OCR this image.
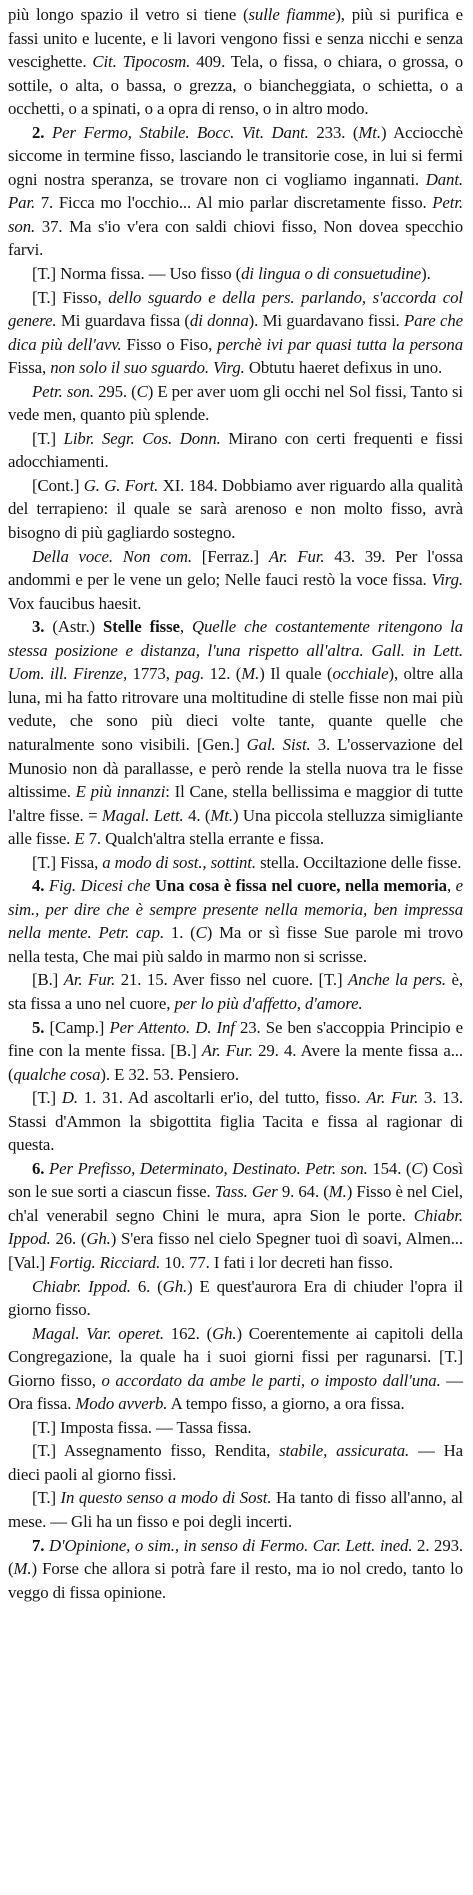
più longo spazio il vetro si tiene (sulle fiamme), più si purifica e fassi unito e lucente, e li lavori vengono fissi e senza nicchi e senza vescighette. Cit. Tipocosm. 409. Tela, o fissa, o chiara, o grossa, o sottile, o alta, o bassa, o grezza, o biancheggiata, o schietta, o a occhetti, o a spinati, o a opra di renso, o in altro modo.

2. Per Fermo, Stabile. Bocc. Vit. Dant. 233. (Mt.) Acciocchè siccome in termine fisso, lasciando le transitorie cose, in lui si fermi ogni nostra speranza, se trovare non ci vogliamo ingannati. Dant. Par. 7. Ficca mo l'occhio... Al mio parlar discretamente fisso. Petr. son. 37. Ma s'io v'era con saldi chiovi fisso, Non dovea specchio farvi.

[T.] Norma fissa. — Uso fisso (di lingua o di consuetudine).

[T.] Fisso, dello sguardo e della pers. parlando, s'accorda col genere. Mi guardava fissa (di donna). Mi guardavano fissi. Pare che dica più dell'avv. Fisso o Fiso, perchè ivi par quasi tutta la persona Fissa, non solo il suo sguardo. Virg. Obtutu haeret defixus in uno.

Petr. son. 295. (C) E per aver uom gli occhi nel Sol fissi, Tanto si vede men, quanto più splende.

[T.] Libr. Segr. Cos. Donn. Mirano con certi frequenti e fissi adocchiamenti.

[Cont.] G. G. Fort. XI. 184. Dobbiamo aver riguardo alla qualità del terrapieno: il quale se sarà arenoso e non molto fisso, avrà bisogno di più gagliardo sostegno.

Della voce. Non com. [Ferraz.] Ar. Fur. 43. 39. Per l'ossa andommi e per le vene un gelo; Nelle fauci restò la voce fissa. Virg. Vox faucibus haesit.

3. (Astr.) Stelle fisse, Quelle che costantemente ritengono la stessa posizione e distanza, l'una rispetto all'altra. Gall. in Lett. Uom. ill. Firenze, 1773, pag. 12. (M.) Il quale (occhiale), oltre alla luna, mi ha fatto ritrovare una moltitudine di stelle fisse non mai più vedute, che sono più dieci volte tante, quante quelle che naturalmente sono visibili. [Gen.] Gal. Sist. 3. L'osservazione del Munosio non dà parallasse, e però rende la stella nuova tra le fisse altissime. E più innanzi: Il Cane, stella bellissima e maggior di tutte l'altre fisse. = Magal. Lett. 4. (Mt.) Una piccola stelluzza simigliante alle fisse. E 7. Qualch'altra stella errante e fissa.

[T.] Fissa, a modo di sost., sottint. stella. Occiltazione delle fisse.

4. Fig. Dicesi che Una cosa è fissa nel cuore, nella memoria, e sim., per dire che è sempre presente nella memoria, ben impressa nella mente. Petr. cap. 1. (C) Ma or sì fisse Sue parole mi trovo nella testa, Che mai più saldo in marmo non si scrisse.

[B.] Ar. Fur. 21. 15. Aver fisso nel cuore. [T.] Anche la pers. è, sta fissa a uno nel cuore, per lo più d'affetto, d'amore.

5. [Camp.] Per Attento. D. Inf 23. Se ben s'accoppia Principio e fine con la mente fissa. [B.] Ar. Fur. 29. 4. Avere la mente fissa a... (qualche cosa). E 32. 53. Pensiero.

[T.] D. 1. 31. Ad ascoltarli er'io, del tutto, fisso. Ar. Fur. 3. 13. Stassi d'Ammon la sbigottita figlia Tacita e fissa al ragionar di questa.

6. Per Prefisso, Determinato, Destinato. Petr. son. 154. (C) Così son le sue sorti a ciascun fisse. Tass. Ger 9. 64. (M.) Fisso è nel Ciel, ch'al venerabil segno Chini le mura, apra Sion le porte. Chiabr. Ippod. 26. (Gh.) S'era fisso nel cielo Spegner tuoi dì soavi, Almen... [Val.] Fortig. Ricciard. 10. 77. I fati i lor decreti han fisso.

Chiabr. Ippod. 6. (Gh.) E quest'aurora Era di chiuder l'opra il giorno fisso.

Magal. Var. operet. 162. (Gh.) Coerentemente ai capitoli della Congregazione, la quale ha i suoi giorni fissi per ragunarsi. [T.] Giorno fisso, o accordato da ambe le parti, o imposto dall'una. — Ora fissa. Modo avverb. A tempo fisso, a giorno, a ora fissa.

[T.] Imposta fissa. — Tassa fissa.

[T.] Assegnamento fisso, Rendita, stabile, assicurata. — Ha dieci paoli al giorno fissi.

[T.] In questo senso a modo di Sost. Ha tanto di fisso all'anno, al mese. — Gli ha un fisso e poi degli incerti.

7. D'Opinione, o sim., in senso di Fermo. Car. Lett. ined. 2. 293. (M.) Forse che allora si potrà fare il resto, ma io nol credo, tanto lo veggo di fissa opinione.
